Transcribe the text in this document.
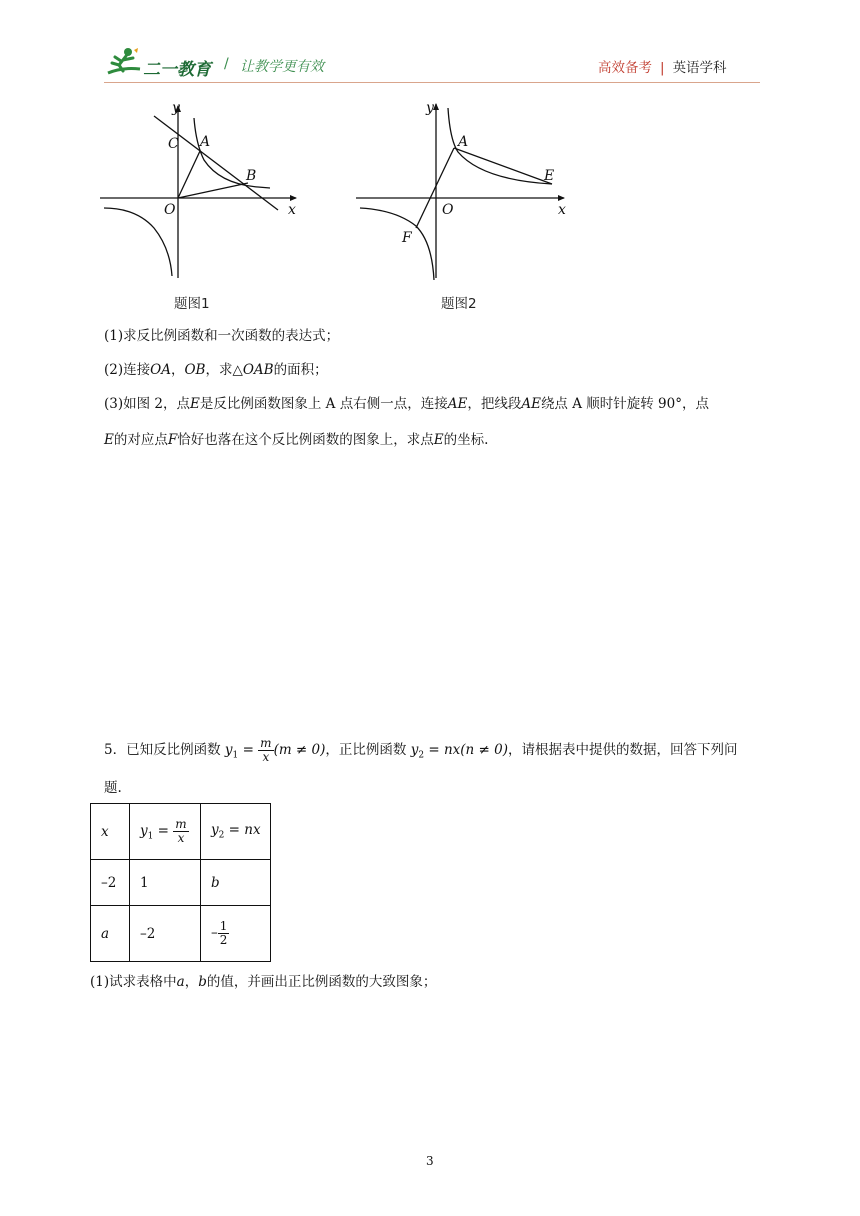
二一教育 / 让教学更有效	高效备考 | 英语学科
y
x
O
C A
B
题图1
y
x
O
A
E
F
题图2
(1)求反比例函数和一次函数的表达式；
(2)连接OA，OB，求△OAB的面积；
(3)如图 2，点E是反比例函数图象上 A 点右侧一点，连接AE，把线段AE绕点 A 顺时针旋转 90°，点
E的对应点F恰好也落在这个反比例函数的图象上，求点E的坐标.
5．已知反比例函数 $y_1 = \frac{m}{x} (m \ne 0)$，正比例函数 $y_2 = nx(n \ne 0)$，请根据表中提供的数据，回答下列问
题.
x	$y_1 = \frac{m}{x}$	$y_2$ = nx
–2	1	b
a	–2	– $\frac{1}{2}$
(1)试求表格中a，b的值，并画出正比例函数的大致图象；
3
